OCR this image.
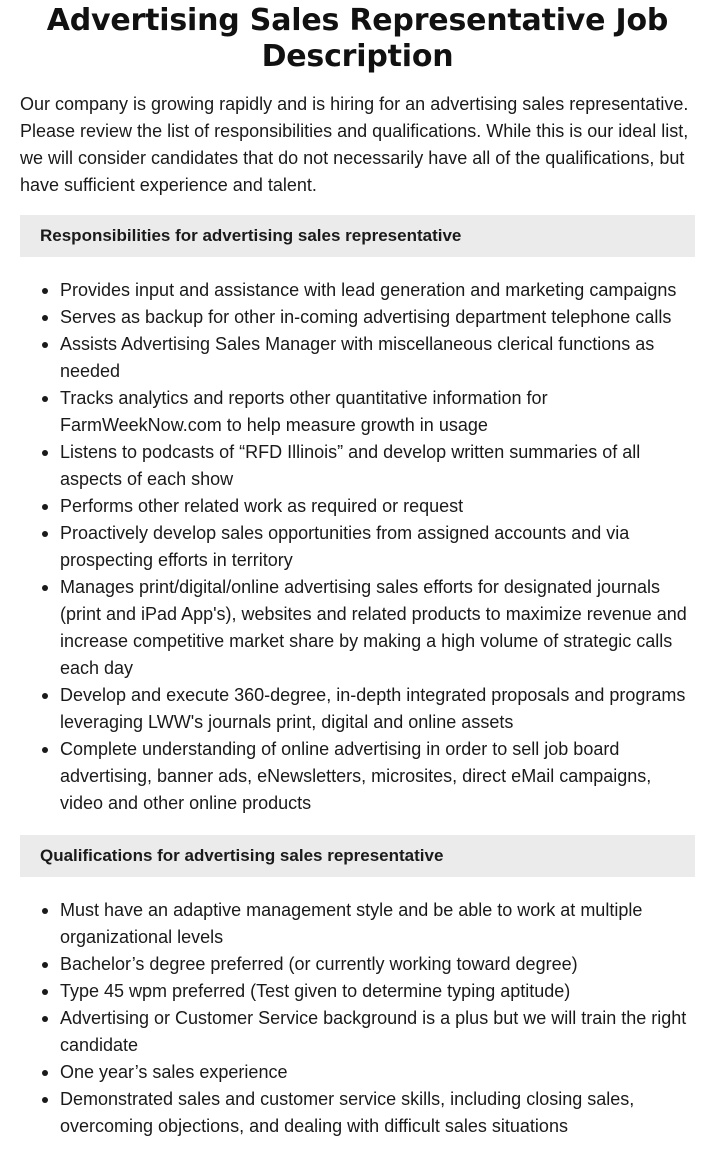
Advertising Sales Representative Job Description

Our company is growing rapidly and is hiring for an advertising sales representative. Please review the list of responsibilities and qualifications. While this is our ideal list, we will consider candidates that do not necessarily have all of the qualifications, but have sufficient experience and talent.

Responsibilities for advertising sales representative
Provides input and assistance with lead generation and marketing campaigns
Serves as backup for other in-coming advertising department telephone calls
Assists Advertising Sales Manager with miscellaneous clerical functions as needed
Tracks analytics and reports other quantitative information for FarmWeekNow.com to help measure growth in usage
Listens to podcasts of “RFD Illinois” and develop written summaries of all aspects of each show
Performs other related work as required or request
Proactively develop sales opportunities from assigned accounts and via prospecting efforts in territory
Manages print/digital/online advertising sales efforts for designated journals (print and iPad App's), websites and related products to maximize revenue and increase competitive market share by making a high volume of strategic calls each day
Develop and execute 360-degree, in-depth integrated proposals and programs leveraging LWW's journals print, digital and online assets
Complete understanding of online advertising in order to sell job board advertising, banner ads, eNewsletters, microsites, direct eMail campaigns, video and other online products
Qualifications for advertising sales representative
Must have an adaptive management style and be able to work at multiple organizational levels
Bachelor’s degree preferred (or currently working toward degree)
Type 45 wpm preferred (Test given to determine typing aptitude)
Advertising or Customer Service background is a plus but we will train the right candidate
One year’s sales experience
Demonstrated sales and customer service skills, including closing sales, overcoming objections, and dealing with difficult sales situations
